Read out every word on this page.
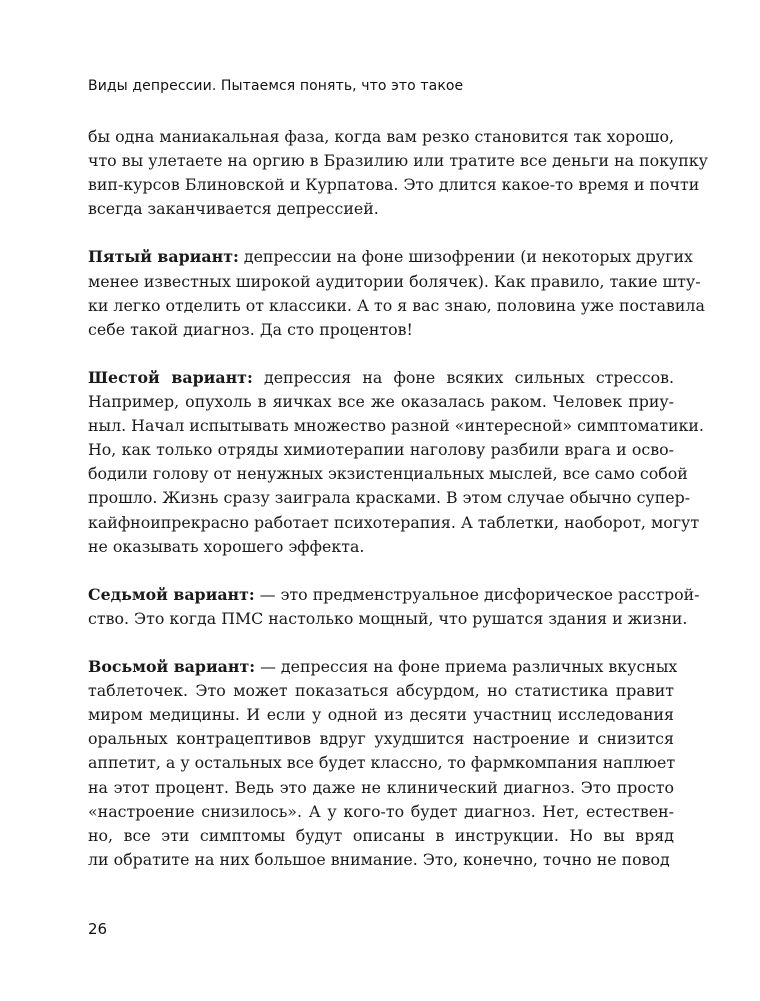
Виды депрессии. Пытаемся понять, что это такое

бы одна маниакальная фаза, когда вам резко становится так хорошо,
что вы улетаете на оргию в Бразилию или тратите все деньги на покупку
вип-курсов Блиновской и Курпатова. Это длится какое-то время и почти
всегда заканчивается депрессией.

Пятый вариант: депрессии на фоне шизофрении (и некоторых других
менее известных широкой аудитории болячек). Как правило, такие шту-
ки легко отделить от классики. А то я вас знаю, половина уже поставила
себе такой диагноз. Да сто процентов!

Шестой вариант: депрессия на фоне всяких сильных стрессов.
Например, опухоль в яичках все же оказалась раком. Человек приу-
ныл. Начал испытывать множество разной «интересной» симптоматики.
Но, как только отряды химиотерапии наголову разбили врага и осво-
бодили голову от ненужных экзистенциальных мыслей, все само собой
прошло. Жизнь сразу заиграла красками. В этом случае обычно супер-
кайфноипрекрасно работает психотерапия. А таблетки, наоборот, могут
не оказывать хорошего эффекта.

Седьмой вариант: — это предменструальное дисфорическое расстрой-
ство. Это когда ПМС настолько мощный, что рушатся здания и жизни.

Восьмой вариант: — депрессия на фоне приема различных вкусных
таблеточек. Это может показаться абсурдом, но статистика правит
миром медицины. И если у одной из десяти участниц исследования
оральных контрацептивов вдруг ухудшится настроение и снизится
аппетит, а у остальных все будет классно, то фармкомпания наплюет
на этот процент. Ведь это даже не клинический диагноз. Это просто
«настроение снизилось». А у кого-то будет диагноз. Нет, естествен-
но, все эти симптомы будут описаны в инструкции. Но вы вряд
ли обратите на них большое внимание. Это, конечно, точно не повод

26
